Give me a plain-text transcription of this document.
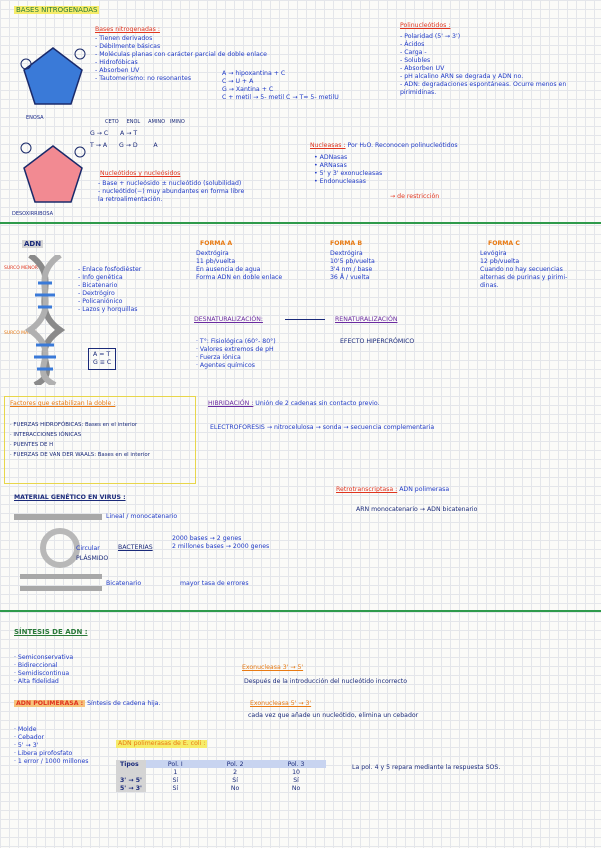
BASES NITROGENADAS
ENOSA
DESOXIRRIBOSA
Bases nitrogenadas :
- Tienen derivados
- Débilmente básicas
- Moléculas planas con carácter parcial de doble enlace
- Hidrofóbicas
- Absorben UV
- Tautomerismo: no resonantes
A → hipoxantina + C
C → U + A
G → Xantina + C
C + metil → 5- metil C → T= 5- metilU
CETO ENOL AMINO IMINO
G → C A → T
T → A G → D	A
Nucleótidos y nucleósidos
- Base + nucleósido ± nucleótido (solubilidad)
- nucleótido(−) muy abundantes en forma libre
la retroalimentación.
Polinucleótidos :
- Polaridad (5' → 3')
- Ácidos
- Carga -
- Solubles
- Absorben UV
- pH alcalino ARN se degrada y ADN no.
- ADN: degradaciones espontáneas. Ocurre menos en
pirimidinas.
Nucleasas : Por H₂O. Reconocen polinucleótidos
• ADNasas
• ARNasas
• 5' y 3' exonucleasas
• Endonucleasas
→ de restricción
ADN
SURCO MENOR
SURCO MAYOR
- Enlace fosfodiéster
- Info genética
- Bicatenario
- Dextrógiro
- Policaniónico
- Lazos y horquillas
A = T
G ≡ C
FORMA A
Dextrógira
11 pb/vuelta
En ausencia de agua
Forma ADN en doble enlace
FORMA B
Dextrógira
10'5 pb/vuelta
3'4 nm / base
36 Å / vuelta
FORMA C
Levógira
12 pb/vuelta
Cuando no hay secuencias
alternas de purinas y pirimi-
dinas.
DESNATURALIZACIÓN:	RENATURALIZACIÓN
· T°: Fisiológica (60°- 80°)
· Valores extremos de pH
· Fuerza iónica
· Agentes químicos
EFECTO HIPERCRÓMICO
Factores que estabilizan la doble :
· FUERZAS HIDROFÓBICAS: Bases en el interior
· INTERACCIONES IÓNICAS
· PUENTES DE H
· FUERZAS DE VAN DER WAALS: Bases en el interior
HIBRIDACIÓN : Unión de 2 cadenas sin contacto previo.
ELECTROFORESIS → nitrocelulosa → sonda → secuencia complementaria
MATERIAL GENÉTICO EN VIRUS :
Lineal / monocatenario
Circular
PLÁSMIDO
BACTERIAS
2000 bases → 2 genes
2 millones bases → 2000 genes
Bicatenario	mayor tasa de errores
Retrotranscriptasa : ADN polimerasa
ARN monocatenario → ADN bicatenario
SÍNTESIS DE ADN :
· Semiconservativa
· Bidireccional
· Semidiscontinua
· Alta fidelidad
ADN POLIMERASA : Síntesis de cadena hija.
Exonucleasa 3' → 5'
Después de la introducción del nucleótido incorrecto
Exonucleasa 5' → 3'
cada vez que añade un nucleótido, elimina un cebador
· Molde
· Cebador
· 5' → 3'
· Libera pirofosfato
· 1 error / 1000 millones
ADN polimerasas de E. coli :
Tipos	Pol. I	Pol. 2	Pol. 3
	1	2	10
3' → 5'	Sí	Sí	Sí
5' → 3'	Sí	No	No
La pol. 4 y 5 repara mediante la respuesta SOS.
